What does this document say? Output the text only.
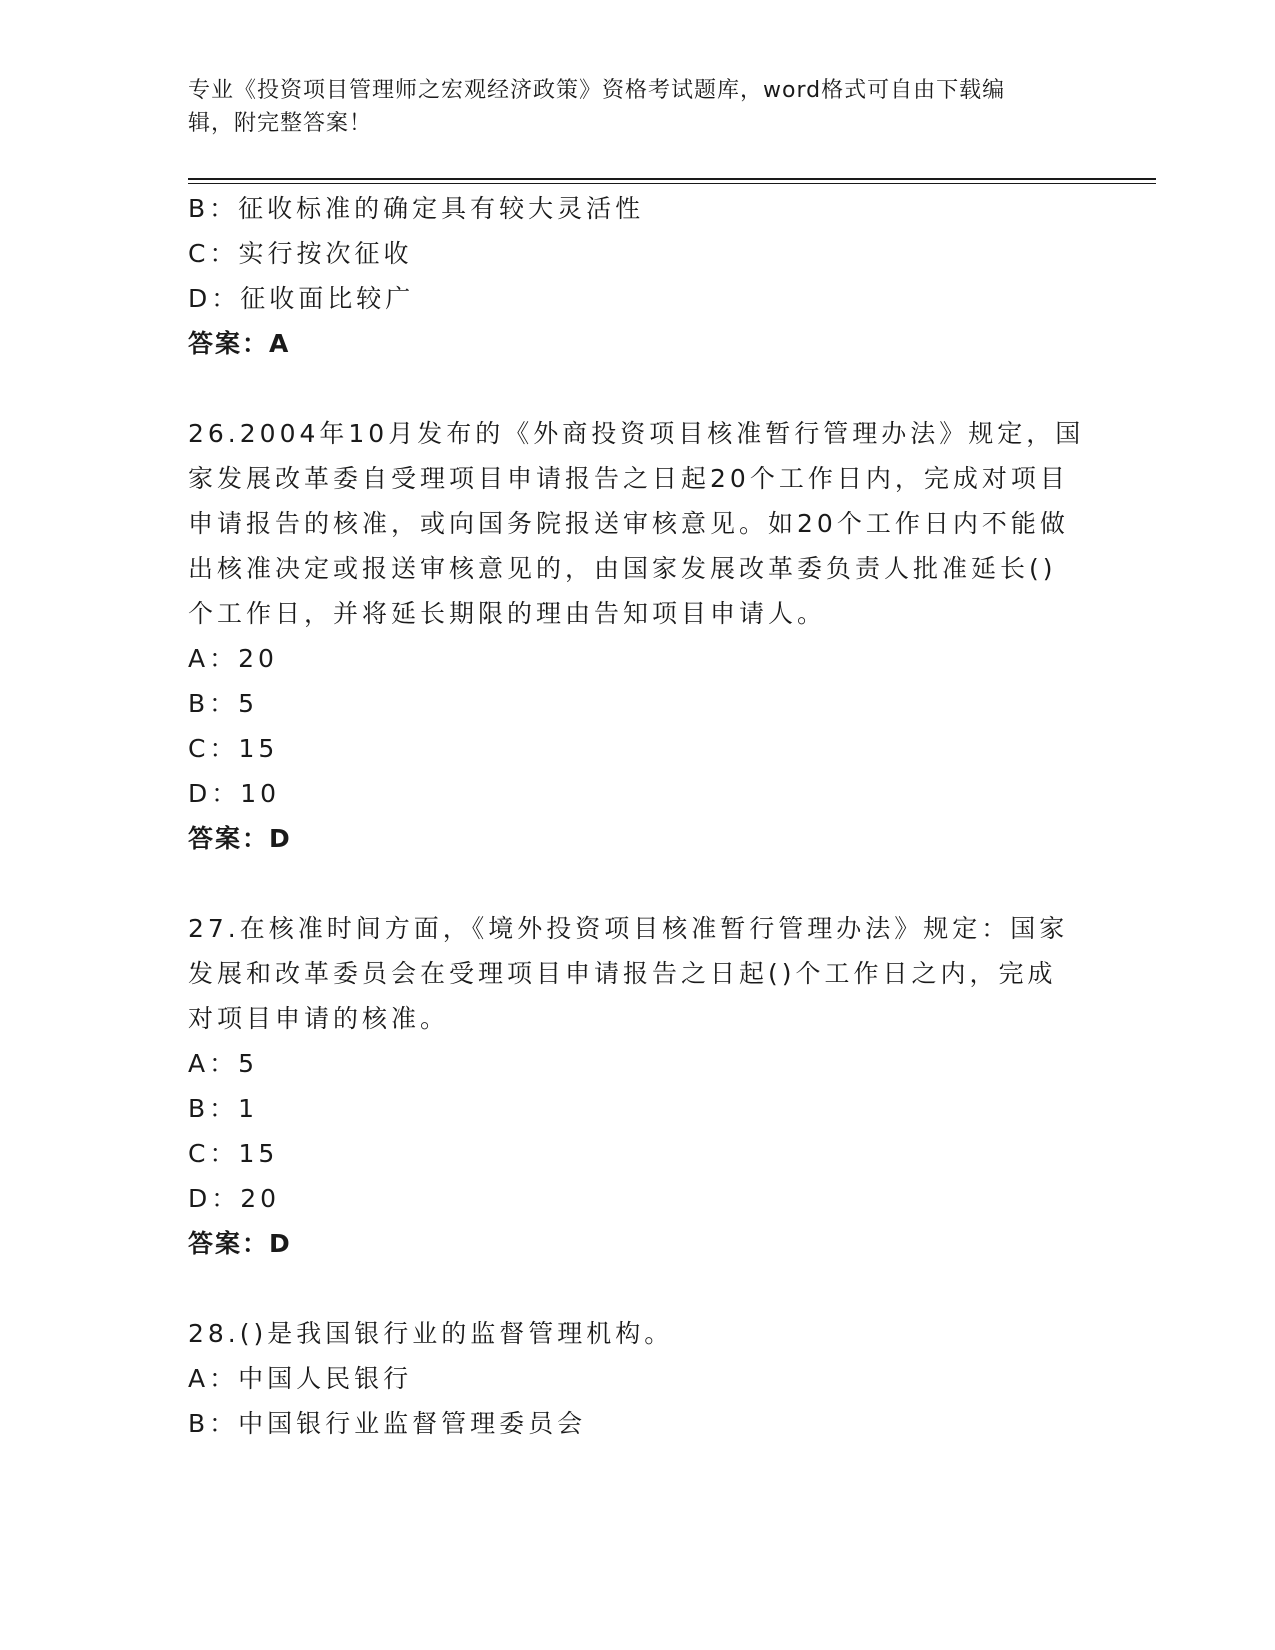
专业《投资项目管理师之宏观经济政策》资格考试题库，word格式可自由下载编
辑，附完整答案！
B：征收标准的确定具有较大灵活性
C：实行按次征收
D：征收面比较广
答案：A
26.2004年10月发布的《外商投资项目核准暂行管理办法》规定，国
家发展改革委自受理项目申请报告之日起20个工作日内，完成对项目
申请报告的核准，或向国务院报送审核意见。如20个工作日内不能做
出核准决定或报送审核意见的，由国家发展改革委负责人批准延长()
个工作日，并将延长期限的理由告知项目申请人。
A：20
B：5
C：15
D：10
答案：D
27.在核准时间方面，《境外投资项目核准暂行管理办法》规定：国家
发展和改革委员会在受理项目申请报告之日起()个工作日之内，完成
对项目申请的核准。
A：5
B：1
C：15
D：20
答案：D
28.()是我国银行业的监督管理机构。
A：中国人民银行
B：中国银行业监督管理委员会
